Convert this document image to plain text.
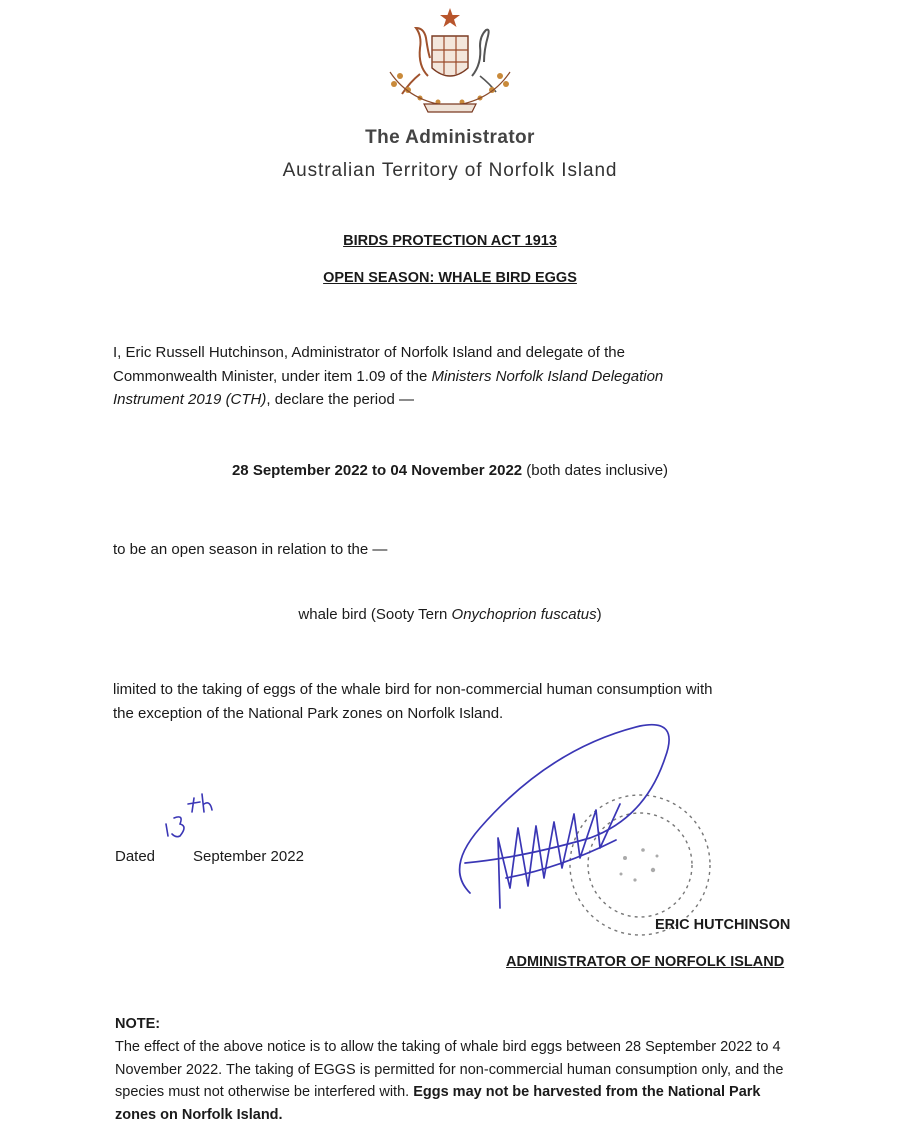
The Administrator
Australian Territory of Norfolk Island
BIRDS PROTECTION ACT 1913
OPEN SEASON: WHALE BIRD EGGS
I, Eric Russell Hutchinson, Administrator of Norfolk Island and delegate of the
Commonwealth Minister, under item 1.09 of the Ministers Norfolk Island Delegation
Instrument 2019 (CTH), declare the period —
28 September 2022 to 04 November 2022 (both dates inclusive)
to be an open season in relation to the —
whale bird (Sooty Tern Onychoprion fuscatus)
limited to the taking of eggs of the whale bird for non-commercial human consumption with
the exception of the National Park zones on Norfolk Island.
Dated	September 2022
ERIC HUTCHINSON
ADMINISTRATOR OF NORFOLK ISLAND
NOTE:
The effect of the above notice is to allow the taking of whale bird eggs between 28 September 2022 to 4 November 2022. The taking of EGGS is permitted for non-commercial human consumption only, and the species must not otherwise be interfered with. Eggs may not be harvested from the National Park zones on Norfolk Island.
